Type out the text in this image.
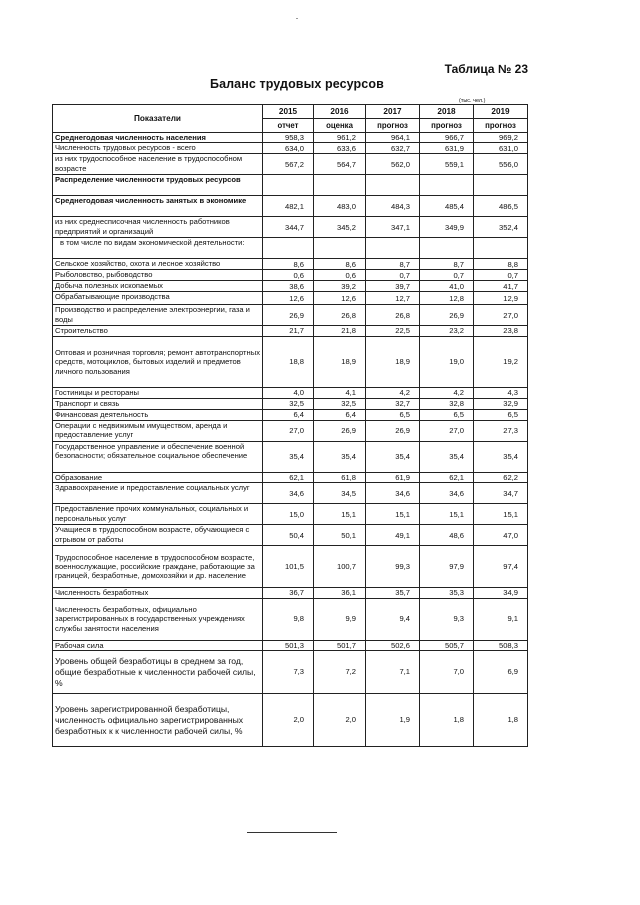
Таблица № 23
Баланс трудовых ресурсов
(тыс. чел.)
Показатели	2015	2016	2017	2018	2019
	отчет	оценка	прогноз	прогноз	прогноз
Среднегодовая численность населения	958,3	961,2	964,1	966,7	969,2
Численность трудовых ресурсов - всего	634,0	633,6	632,7	631,9	631,0
из них трудоспособное население в трудоспособном возрасте	567,2	564,7	562,0	559,1	556,0
Распределение численности трудовых ресурсов					
Среднегодовая численность занятых в экономике	482,1	483,0	484,3	485,4	486,5
из них среднесписочная численность работников предприятий и организаций	344,7	345,2	347,1	349,9	352,4
в том числе по видам экономической деятельности:					
Сельское хозяйство, охота и лесное хозяйство	8,6	8,6	8,7	8,7	8,8
Рыболовство, рыбоводство	0,6	0,6	0,7	0,7	0,7
Добыча полезных ископаемых	38,6	39,2	39,7	41,0	41,7
Обрабатывающие производства	12,6	12,6	12,7	12,8	12,9
Производство и распределение электроэнергии, газа и воды	26,9	26,8	26,8	26,9	27,0
Строительство	21,7	21,8	22,5	23,2	23,8
Оптовая и розничная торговля; ремонт автотранспортных средств, мотоциклов, бытовых изделий и предметов личного пользования	18,8	18,9	18,9	19,0	19,2
Гостиницы и рестораны	4,0	4,1	4,2	4,2	4,3
Транспорт и связь	32,5	32,5	32,7	32,8	32,9
Финансовая деятельность	6,4	6,4	6,5	6,5	6,5
Операции с недвижимым имуществом, аренда и предоставление услуг	27,0	26,9	26,9	27,0	27,3
Государственное управление и обеспечение военной безопасности; обязательное социальное обеспечение	35,4	35,4	35,4	35,4	35,4
Образование	62,1	61,8	61,9	62,1	62,2
Здравоохранение и предоставление социальных услуг	34,6	34,5	34,6	34,6	34,7
Предоставление прочих коммунальных, социальных и персональных услуг	15,0	15,1	15,1	15,1	15,1
Учащиеся в трудоспособном возрасте, обучающиеся с отрывом от работы	50,4	50,1	49,1	48,6	47,0
Трудоспособное население в трудоспособном возрасте, военнослужащие, российские граждане, работающие за границей, безработные, домохозяйки и др. население	101,5	100,7	99,3	97,9	97,4
Численность безработных	36,7	36,1	35,7	35,3	34,9
Численность безработных, официально зарегистрированных в государственных учреждениях службы занятости населения	9,8	9,9	9,4	9,3	9,1
Рабочая сила	501,3	501,7	502,6	505,7	508,3
Уровень общей безработицы в среднем за год, общие безработные к численности рабочей силы, %	7,3	7,2	7,1	7,0	6,9
Уровень зарегистрированной безработицы, численность официально зарегистрированных безработных к к численности рабочей силы, %	2,0	2,0	1,9	1,8	1,8
